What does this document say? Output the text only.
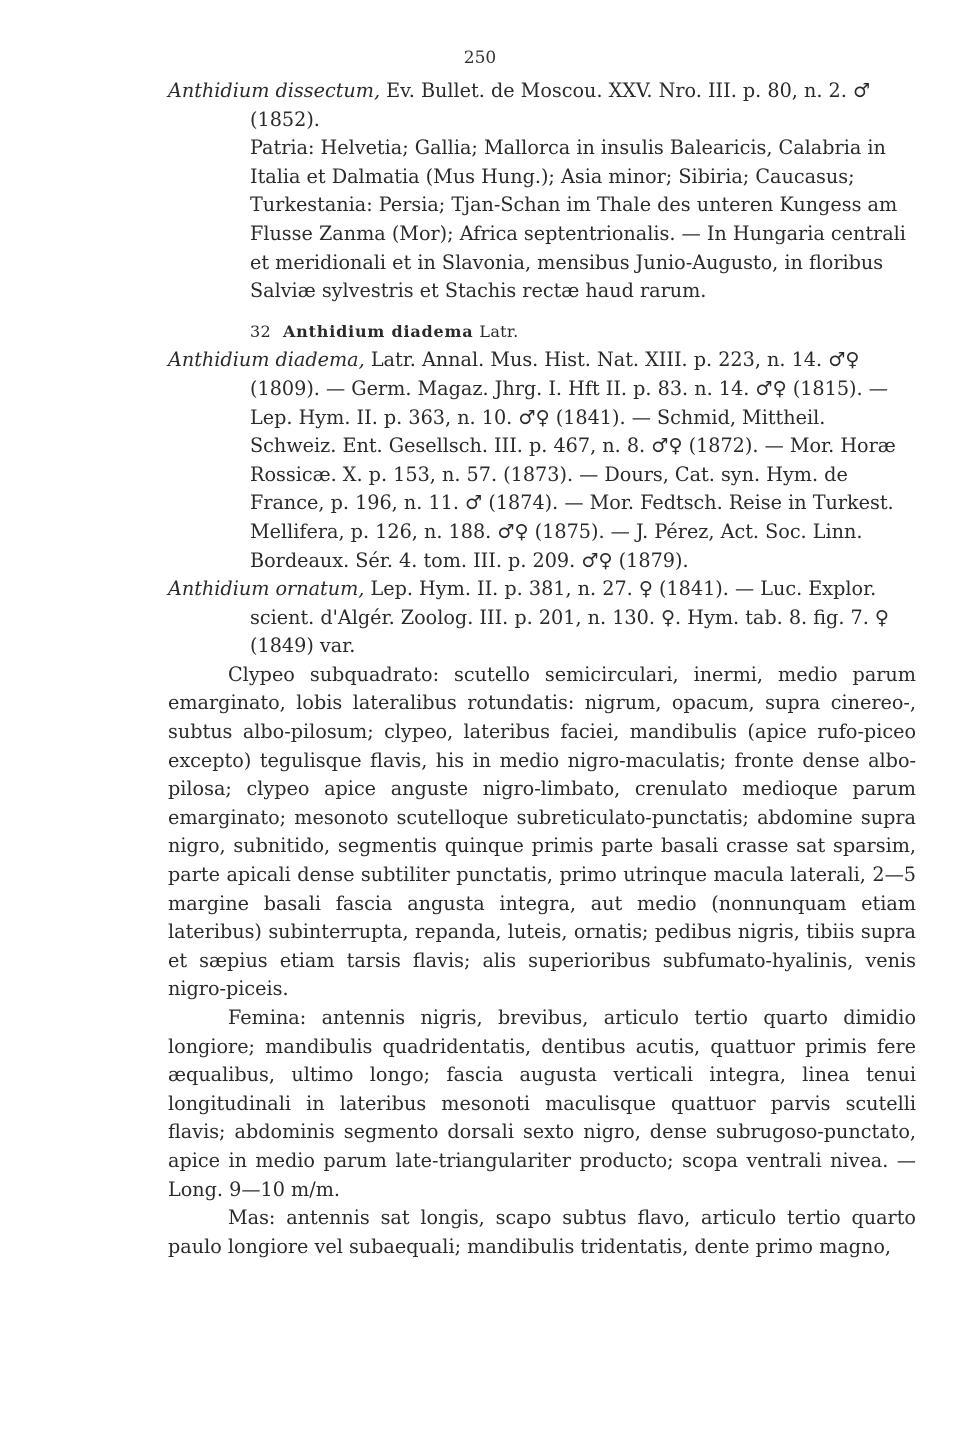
250

Anthidium dissectum, Ev. Bullet. de Moscou. XXV. Nro. III. p. 80, n. 2. ♂ (1852).

Patria: Helvetia; Gallia; Mallorca in insulis Balearicis, Calabria in Italia et Dalmatia (Mus Hung.); Asia minor; Sibiria; Caucasus; Turkestania: Persia; Tjan-Schan im Thale des unteren Kungess am Flusse Zanma (Mor); Africa septentrionalis. — In Hungaria centrali et meridionali et in Slavonia, mensibus Junio-Augusto, in floribus Salviæ sylvestris et Stachis rectæ haud rarum.

32 Anthidium diadema Latr.

Anthidium diadema, Latr. Annal. Mus. Hist. Nat. XIII. p. 223, n. 14. ♂♀ (1809). — Germ. Magaz. Jhrg. I. Hft II. p. 83. n. 14. ♂♀ (1815). — Lep. Hym. II. p. 363, n. 10. ♂♀ (1841). — Schmid, Mittheil. Schweiz. Ent. Gesellsch. III. p. 467, n. 8. ♂♀ (1872). — Mor. Horæ Rossicæ. X. p. 153, n. 57. (1873). — Dours, Cat. syn. Hym. de France, p. 196, n. 11. ♂ (1874). — Mor. Fedtsch. Reise in Turkest. Mellifera, p. 126, n. 188. ♂♀ (1875). — J. Pérez, Act. Soc. Linn. Bordeaux. Sér. 4. tom. III. p. 209. ♂♀ (1879).

Anthidium ornatum, Lep. Hym. II. p. 381, n. 27. ♀ (1841). — Luc. Explor. scient. d'Algér. Zoolog. III. p. 201, n. 130. ♀. Hym. tab. 8. fig. 7. ♀ (1849) var.

Clypeo subquadrato: scutello semicirculari, inermi, medio parum emarginato, lobis lateralibus rotundatis: nigrum, opacum, supra cinereo-, subtus albo-pilosum; clypeo, lateribus faciei, mandibulis (apice rufo-piceo excepto) tegulisque flavis, his in medio nigro-maculatis; fronte dense albo-pilosa; clypeo apice anguste nigro-limbato, crenulato medioque parum emarginato; mesonoto scutelloque subreticulato-punctatis; abdomine supra nigro, subnitido, segmentis quinque primis parte basali crasse sat sparsim, parte apicali dense subtiliter punctatis, primo utrinque macula laterali, 2—5 margine basali fascia angusta integra, aut medio (nonnunquam etiam lateribus) subinterrupta, repanda, luteis, ornatis; pedibus nigris, tibiis supra et sæpius etiam tarsis flavis; alis superioribus subfumato-hyalinis, venis nigro-piceis.

Femina: antennis nigris, brevibus, articulo tertio quarto dimidio longiore; mandibulis quadridentatis, dentibus acutis, quattuor primis fere æqualibus, ultimo longo; fascia augusta verticali integra, linea tenui longitudinali in lateribus mesonoti maculisque quattuor parvis scutelli flavis; abdominis segmento dorsali sexto nigro, dense subrugoso-punctato, apice in medio parum late-triangulariter producto; scopa ventrali nivea. — Long. 9—10 m/m.

Mas: antennis sat longis, scapo subtus flavo, articulo tertio quarto paulo longiore vel subaequali; mandibulis tridentatis, dente primo magno,
